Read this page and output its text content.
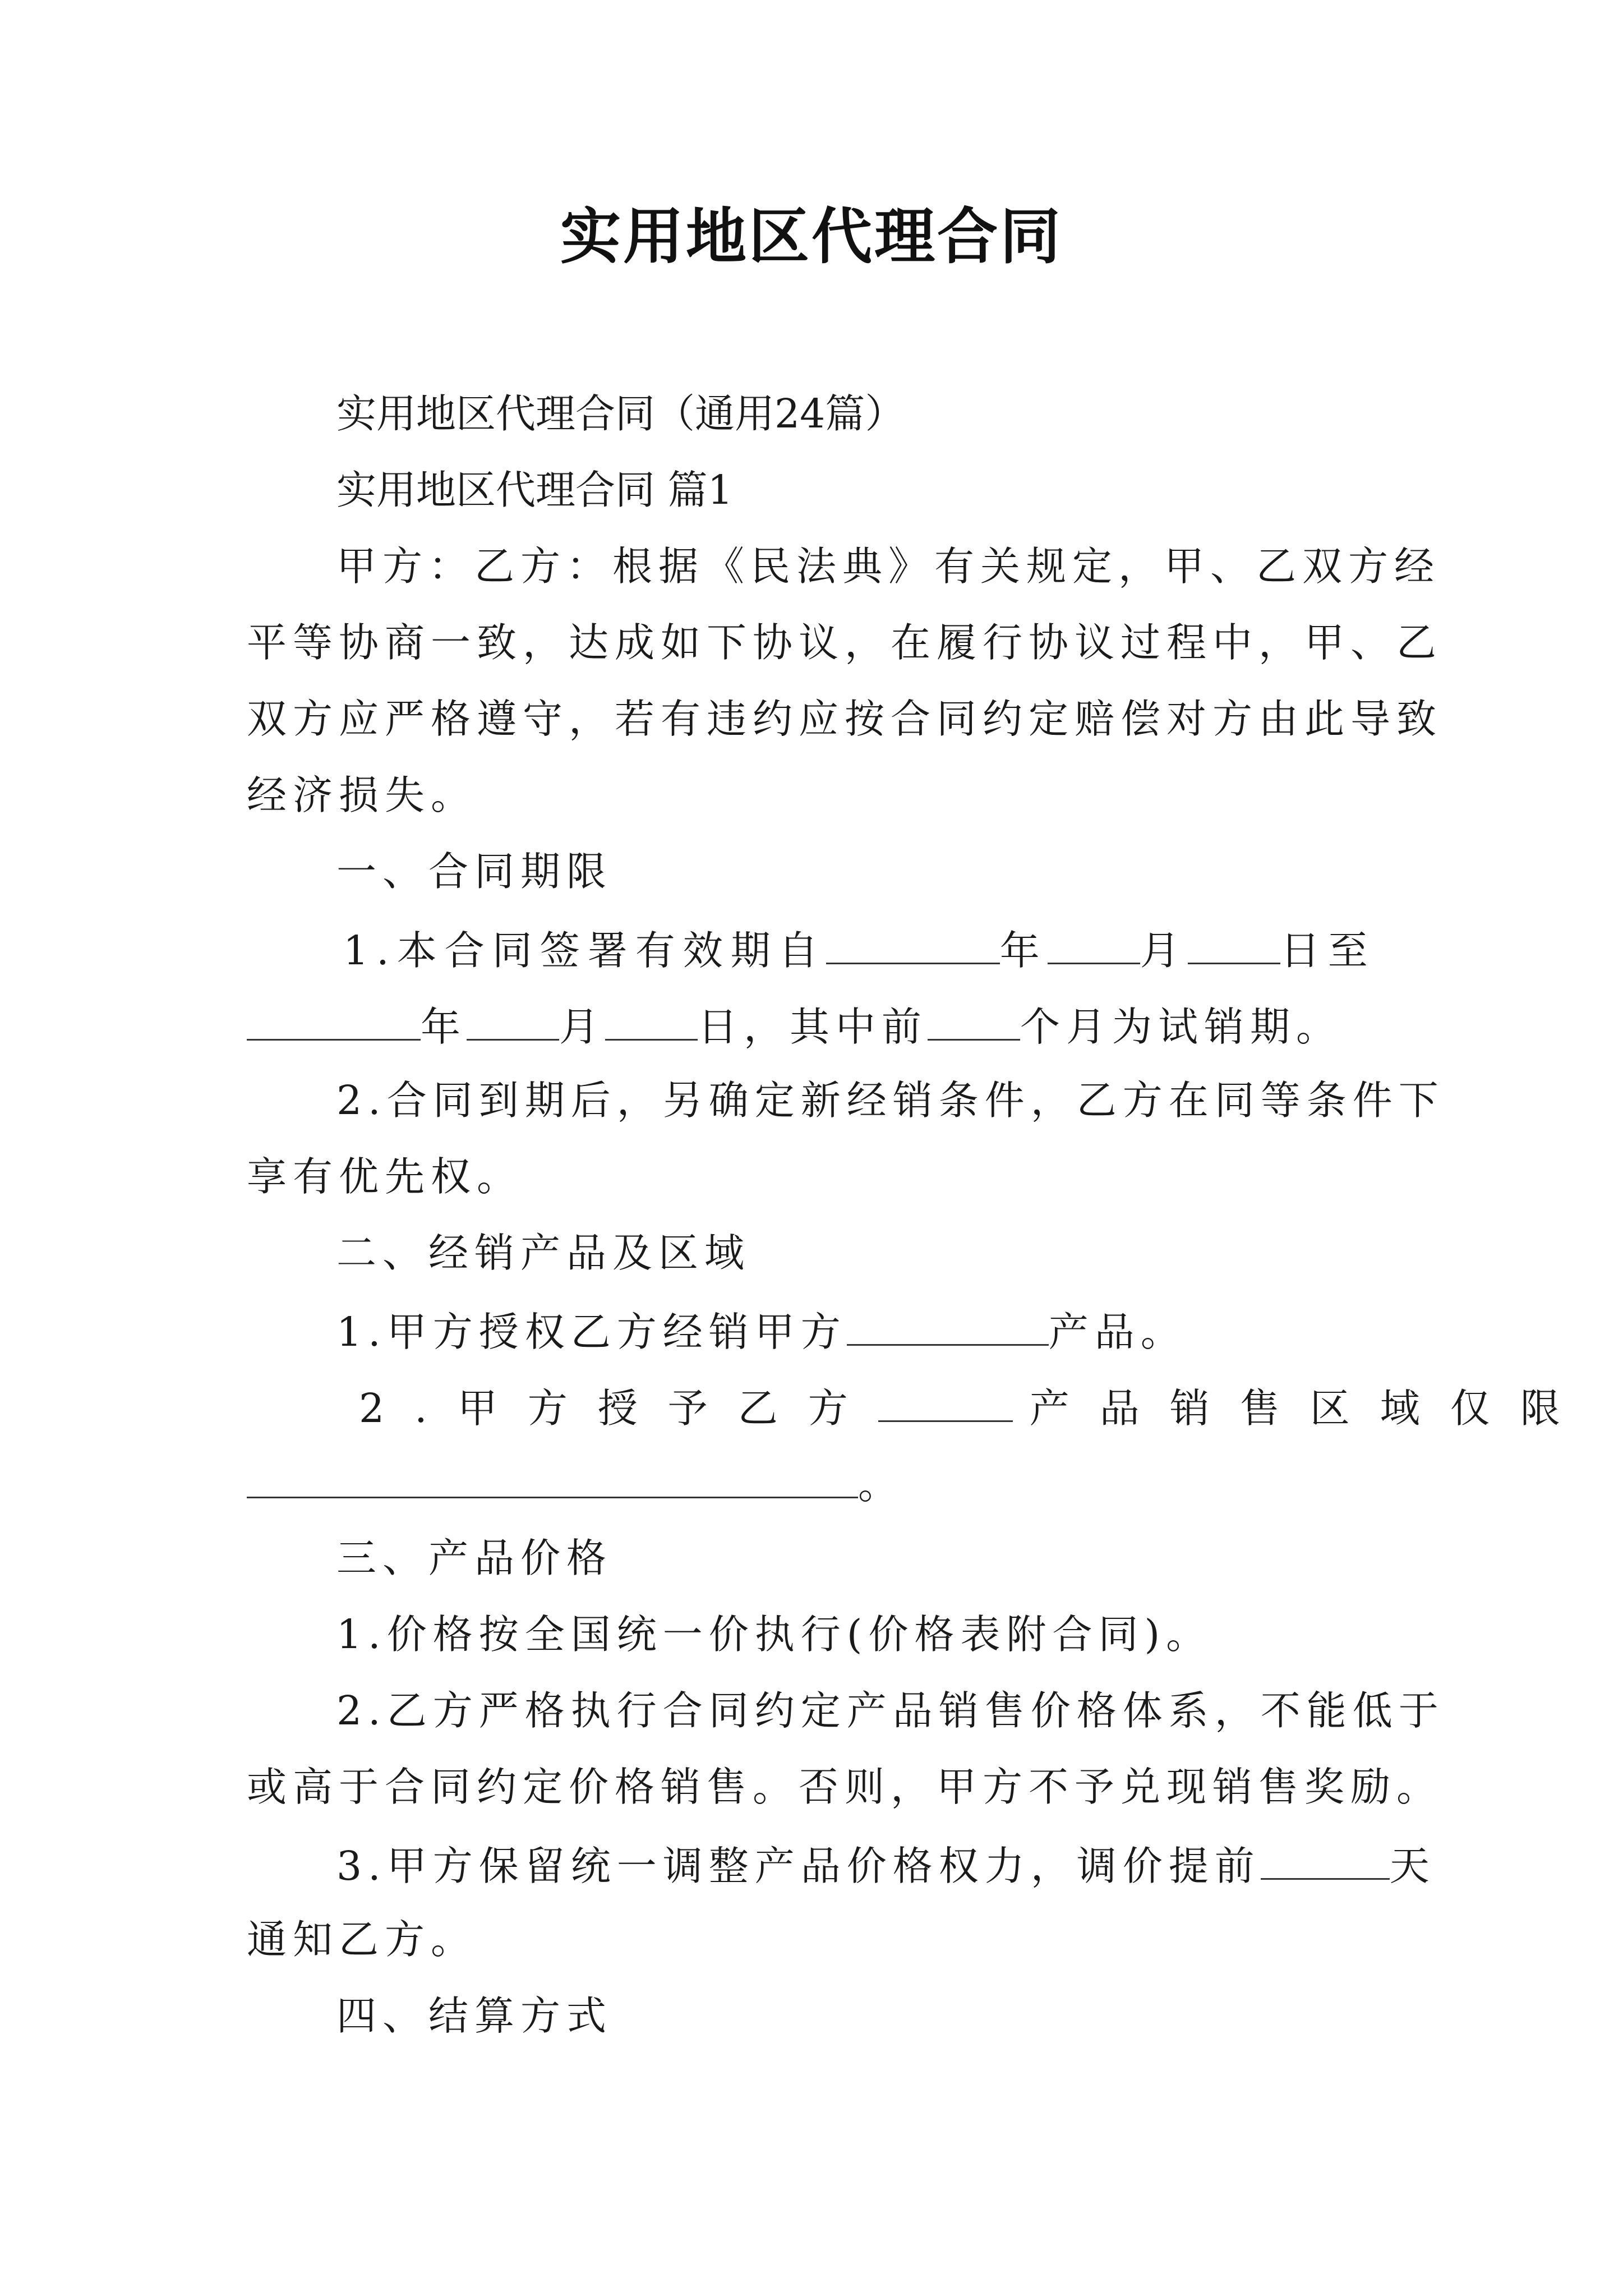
实用地区代理合同
实用地区代理合同（通用24篇）
实用地区代理合同 篇1
甲方：乙方：根据《民法典》有关规定，甲、乙双方经
平等协商一致，达成如下协议，在履行协议过程中，甲、乙
双方应严格遵守，若有违约应按合同约定赔偿对方由此导致
经济损失。
一、合同期限
1.本合同签署有效期自	年 月 日至
年 月 日，其中前 个月为试销期。
2.合同到期后，另确定新经销条件，乙方在同等条件下
享有优先权。
二、经销产品及区域
1.甲方授权乙方经销甲方	产品。
2.甲方授予乙方	产品销售区域仅限
。
三、产品价格
1.价格按全国统一价执行(价格表附合同)。
2.乙方严格执行合同约定产品销售价格体系，不能低于
或高于合同约定价格销售。否则，甲方不予兑现销售奖励。
3.甲方保留统一调整产品价格权力，调价提前	天
通知乙方。
四、结算方式
